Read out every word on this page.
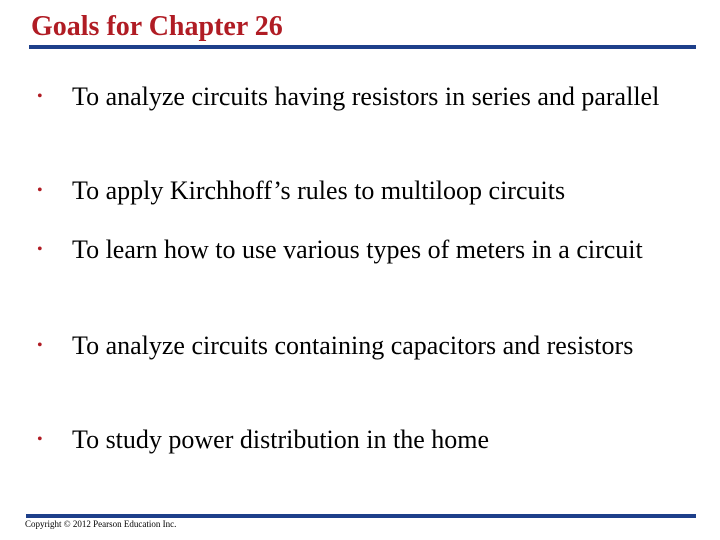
Goals for Chapter 26
• To analyze circuits having resistors in series and parallel
• To apply Kirchhoff’s rules to multiloop circuits
• To learn how to use various types of meters in a circuit
• To analyze circuits containing capacitors and resistors
• To study power distribution in the home
Copyright © 2012 Pearson Education Inc.
